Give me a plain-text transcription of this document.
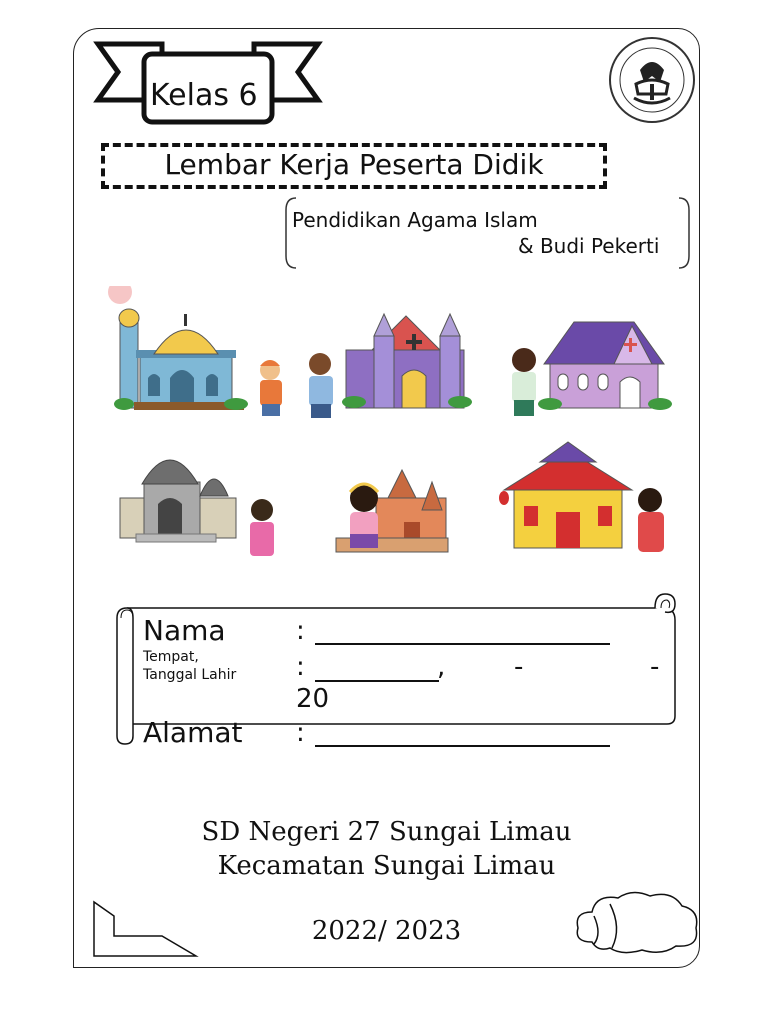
Kelas 6
Lembar Kerja Peserta Didik
Pendidikan Agama Islam
& Budi Pekerti
Nama
Tempat,
Tanggal Lahir
Alamat
:
:
:
,	-	-
20
SD Negeri 27 Sungai Limau
Kecamatan Sungai Limau
2022/ 2023
